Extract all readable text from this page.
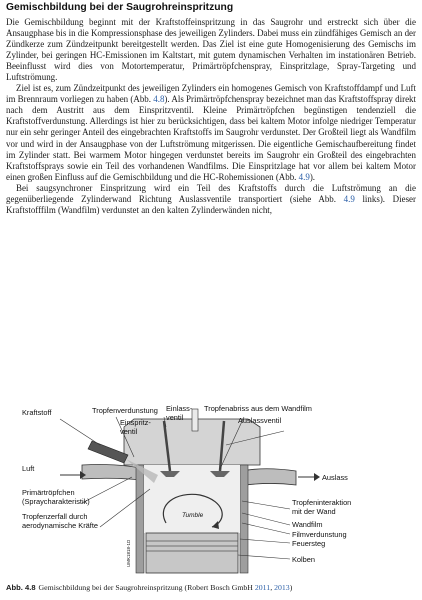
Gemischbildung bei der Saugrohreinspritzung

Die Gemischbildung beginnt mit der Kraftstoffeinspritzung in das Saugrohr und erstreckt sich über die Ansaugphase bis in die Kompressionsphase des jeweiligen Zylinders. Dabei muss ein zündfähiges Gemisch an der Zündkerze zum Zündzeitpunkt bereitgestellt werden. Das Ziel ist eine gute Homogenisierung des Gemischs im Zylinder, bei geringen HC-Emissionen im Kaltstart, mit gutem dynamischen Verhalten im instationären Betrieb. Beeinflusst wird dies von Motortemperatur, Primärtröpfchenspray, Einspritzlage, Spray-Targeting und Luftströmung.

Ziel ist es, zum Zündzeitpunkt des jeweiligen Zylinders ein homogenes Gemisch von Kraftstoffdampf und Luft im Brennraum vorliegen zu haben (Abb. 4.8). Als Primärtröpfchenspray bezeichnet man das Kraftstoffspray direkt nach dem Austritt aus dem Einspritzventil. Kleine Primärtröpfchen begünstigen tendenziell die Kraftstoffverdunstung. Allerdings ist hier zu berücksichtigen, dass bei kaltem Motor infolge niedriger Temperatur nur ein sehr geringer Anteil des eingebrachten Kraftstoffs im Saugrohr verdunstet. Der Großteil liegt als Wandfilm vor und wird in der Ansaugphase von der Luftströmung mitgerissen. Die eigentliche Gemischaufbereitung findet im Zylinder statt. Bei warmem Motor hingegen verdunstet bereits im Saugrohr ein Großteil des eingebrachten Kraftstoffsprays sowie ein Teil des vorhandenen Wandfilms. Die Einspritzlage hat vor allem bei kaltem Motor einen großen Einfluss auf die Gemischbildung und die HC-Rohemissionen (Abb. 4.9).

Bei saugsynchroner Einspritzung wird ein Teil des Kraftstoffs durch die Luftströmung an die gegenüberliegende Zylinderwand Richtung Auslassventile transportiert (siehe Abb. 4.9 links). Dieser Kraftstofffilm (Wandfilm) verdunstet an den kalten Zylinderwänden nicht,

Kraftstoff	Tropfenverdunstung
Einspritz-
ventil
Einlass-
ventil
Tropfenabriss aus dem Wandfilm
Auslassventil
Luft
Auslass
Primärtröpfchen
(Spraycharakteristik)
Tropfenzerfall durch
aerodynamische Kräfte
Tropfeninteraktion
mit der Wand
Wandfilm
Filmverdunstung
Feuersteg
Kolben
Tumble
UMK1818-1D
Abb. 4.8 Gemischbildung bei der Saugrohreinspritzung (Robert Bosch GmbH 2011, 2013)
